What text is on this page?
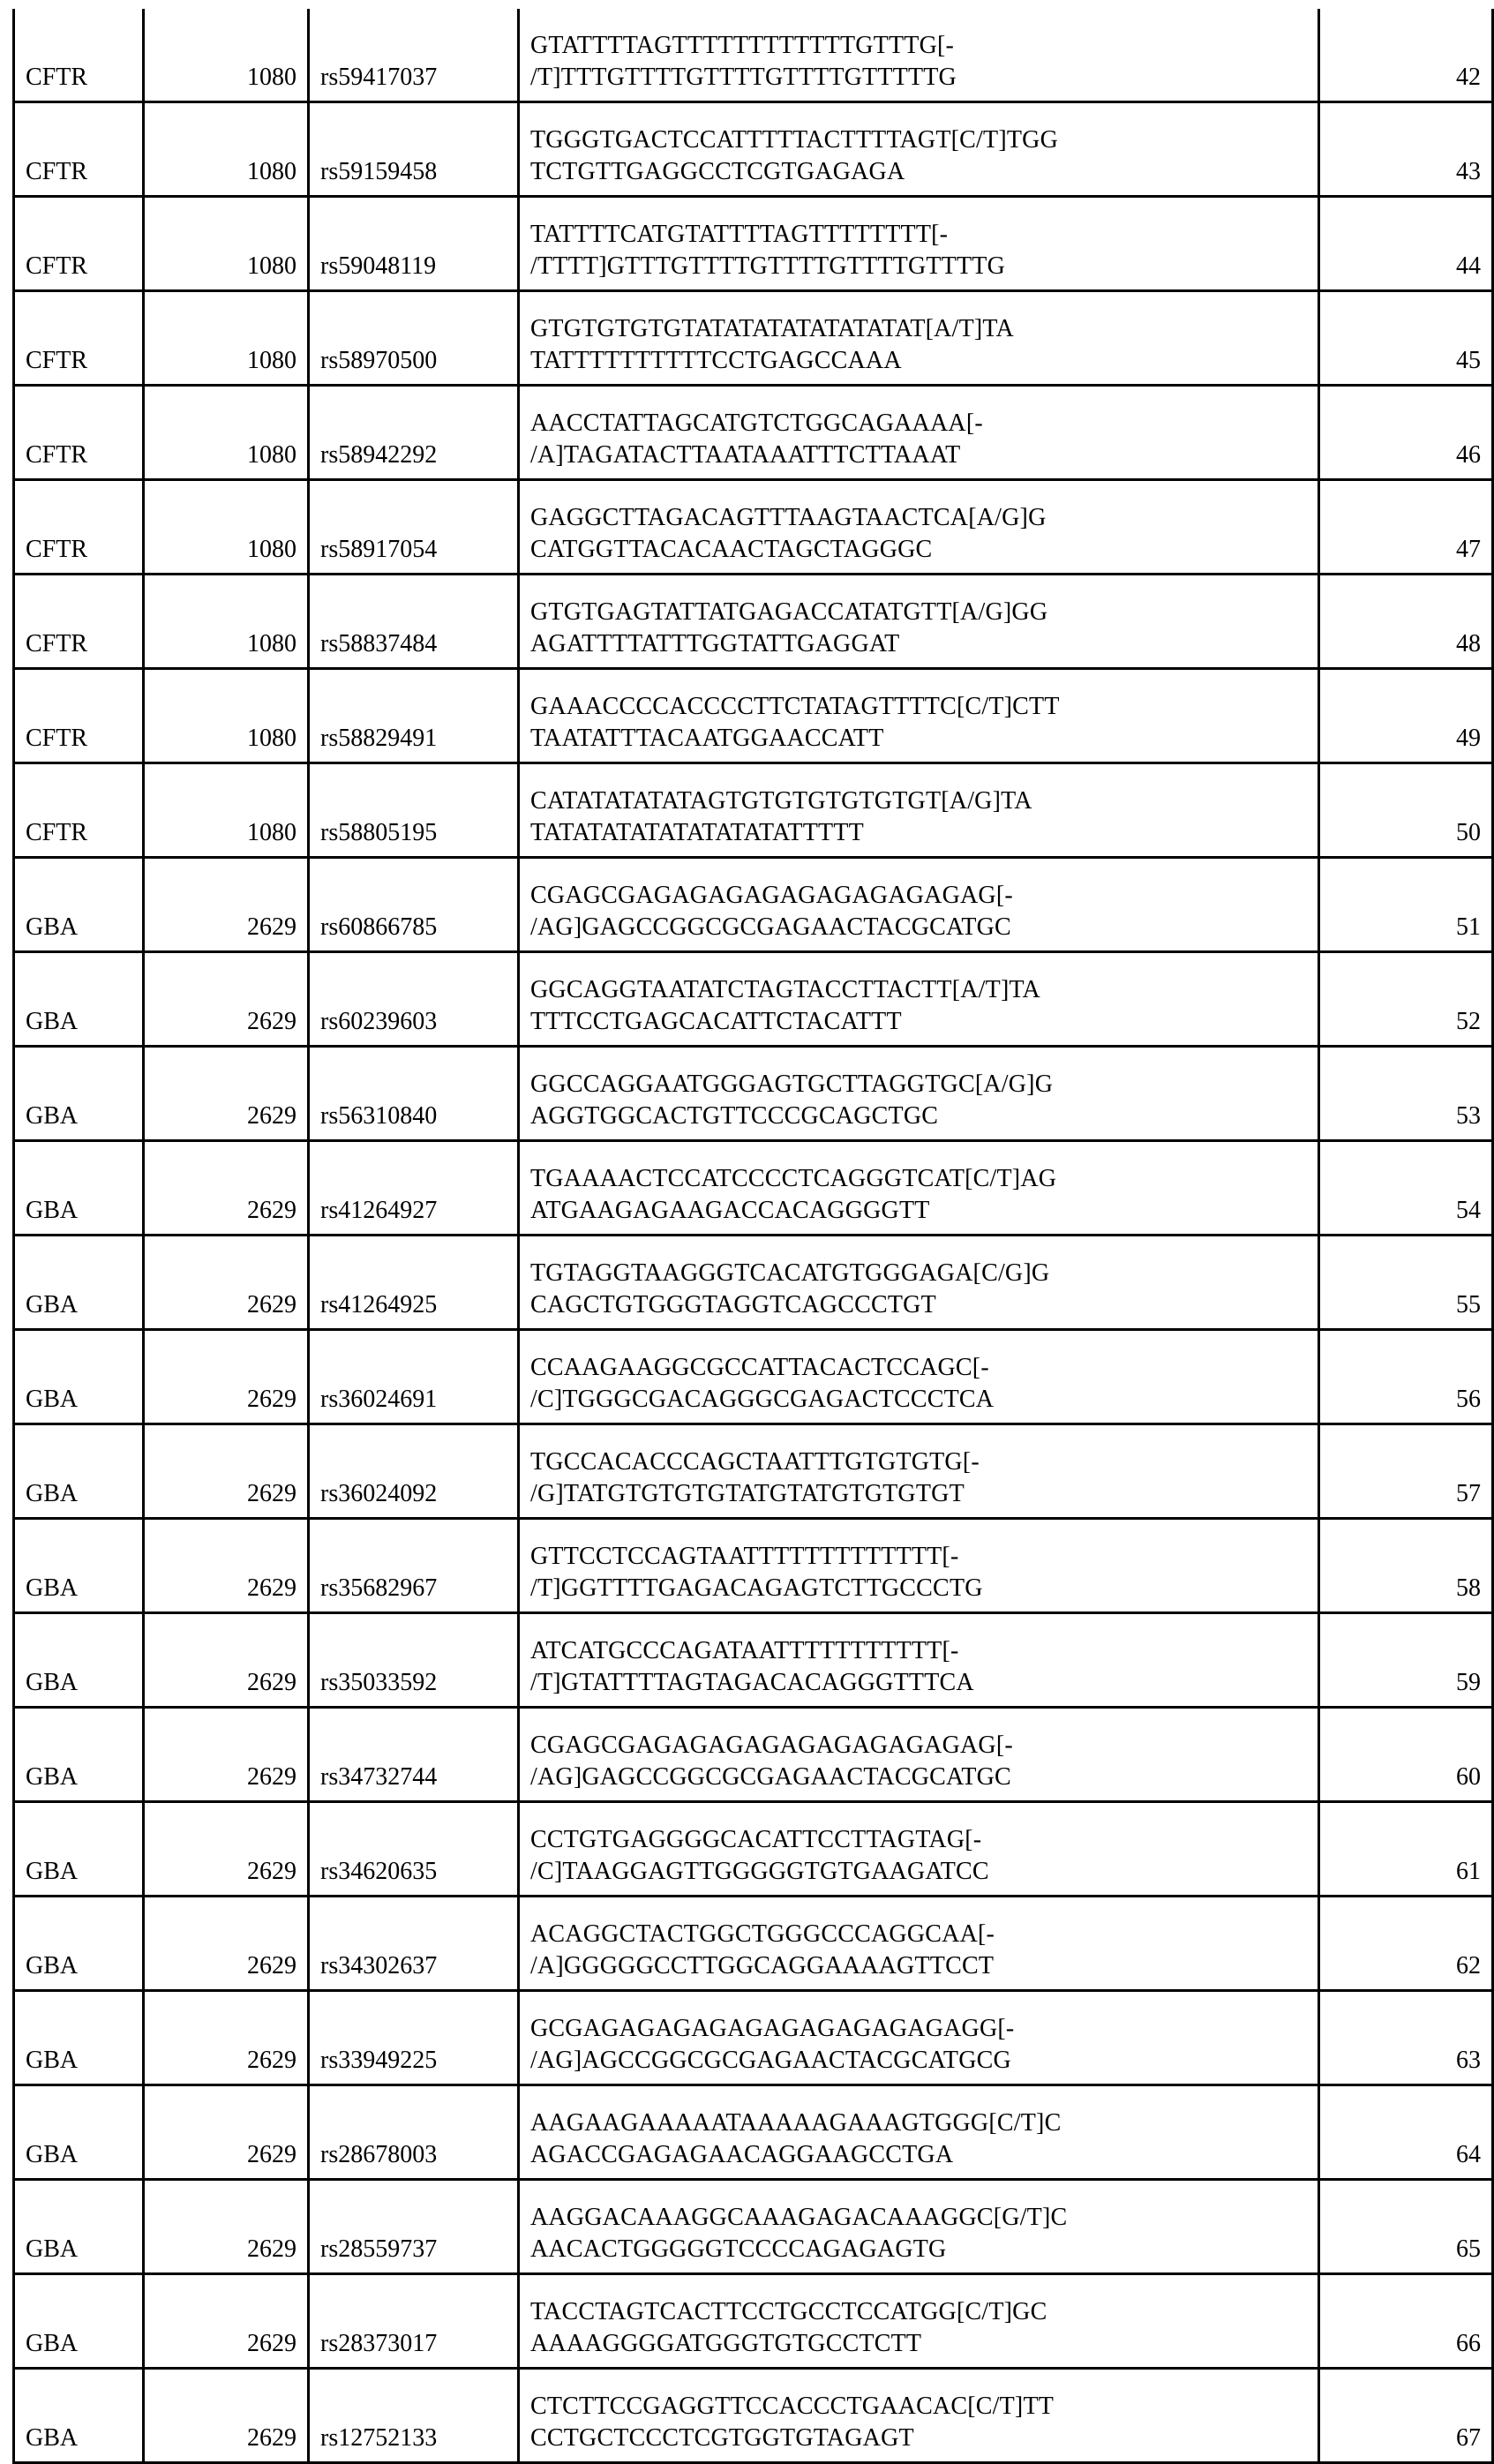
CFTR	1080	rs59417037	GTATTTTAGTTTTTTTTTTTTGTTTG[-
/T]TTTGTTTTGTTTTGTTTTGTTTTTG	42
CFTR	1080	rs59159458	TGGGTGACTCCATTTTTACTTTTAGT[C/T]TGG
TCTGTTGAGGCCTCGTGAGAGA	43
CFTR	1080	rs59048119	TATTTTCATGTATTTTAGTTTTTTTT[-
/TTTT]GTTTGTTTTGTTTTGTTTTGTTTTG	44
CFTR	1080	rs58970500	GTGTGTGTGTATATATATATATATAT[A/T]TA
TATTTTTTTTTTCCTGAGCCAAA	45
CFTR	1080	rs58942292	AACCTATTAGCATGTCTGGCAGAAAA[-
/A]TAGATACTTAATAAATTTCTTAAAT	46
CFTR	1080	rs58917054	GAGGCTTAGACAGTTTAAGTAACTCA[A/G]G
CATGGTTACACAACTAGCTAGGGC	47
CFTR	1080	rs58837484	GTGTGAGTATTATGAGACCATATGTT[A/G]GG
AGATTTTATTTGGTATTGAGGAT	48
CFTR	1080	rs58829491	GAAACCCCACCCCTTCTATAGTTTTC[C/T]CTT
TAATATTTACAATGGAACCATT	49
CFTR	1080	rs58805195	CATATATATATAGTGTGTGTGTGTGT[A/G]TA
TATATATATATATATATATTTTT	50
GBA	2629	rs60866785	CGAGCGAGAGAGAGAGAGAGAGAGAG[-
/AG]GAGCCGGCGCGAGAACTACGCATGC	51
GBA	2629	rs60239603	GGCAGGTAATATCTAGTACCTTACTT[A/T]TA
TTTCCTGAGCACATTCTACATTT	52
GBA	2629	rs56310840	GGCCAGGAATGGGAGTGCTTAGGTGC[A/G]G
AGGTGGCACTGTTCCCGCAGCTGC	53
GBA	2629	rs41264927	TGAAAACTCCATCCCCTCAGGGTCAT[C/T]AG
ATGAAGAGAAGACCACAGGGGTT	54
GBA	2629	rs41264925	TGTAGGTAAGGGTCACATGTGGGAGA[C/G]G
CAGCTGTGGGTAGGTCAGCCCTGT	55
GBA	2629	rs36024691	CCAAGAAGGCGCCATTACACTCCAGC[-
/C]TGGGCGACAGGGCGAGACTCCCTCA	56
GBA	2629	rs36024092	TGCCACACCCAGCTAATTTGTGTGTG[-
/G]TATGTGTGTGTATGTATGTGTGTGT	57
GBA	2629	rs35682967	GTTCCTCCAGTAATTTTTTTTTTTTT[-
/T]GGTTTTGAGACAGAGTCTTGCCCTG	58
GBA	2629	rs35033592	ATCATGCCCAGATAATTTTTTTTTTT[-
/T]GTATTTTAGTAGACACAGGGTTTCA	59
GBA	2629	rs34732744	CGAGCGAGAGAGAGAGAGAGAGAGAG[-
/AG]GAGCCGGCGCGAGAACTACGCATGC	60
GBA	2629	rs34620635	CCTGTGAGGGGCACATTCCTTAGTAG[-
/C]TAAGGAGTTGGGGGTGTGAAGATCC	61
GBA	2629	rs34302637	ACAGGCTACTGGCTGGGCCCAGGCAA[-
/A]GGGGGCCTTGGCAGGAAAAGTTCCT	62
GBA	2629	rs33949225	GCGAGAGAGAGAGAGAGAGAGAGAGG[-
/AG]AGCCGGCGCGAGAACTACGCATGCG	63
GBA	2629	rs28678003	AAGAAGAAAAATAAAAAGAAAGTGGG[C/T]C
AGACCGAGAGAACAGGAAGCCTGA	64
GBA	2629	rs28559737	AAGGACAAAGGCAAAGAGACAAAGGC[G/T]C
AACACTGGGGGTCCCCAGAGAGTG	65
GBA	2629	rs28373017	TACCTAGTCACTTCCTGCCTCCATGG[C/T]GC
AAAAGGGGATGGGTGTGCCTCTT	66
GBA	2629	rs12752133	CTCTTCCGAGGTTCCACCCTGAACAC[C/T]TT
CCTGCTCCCTCGTGGTGTAGAGT	67
